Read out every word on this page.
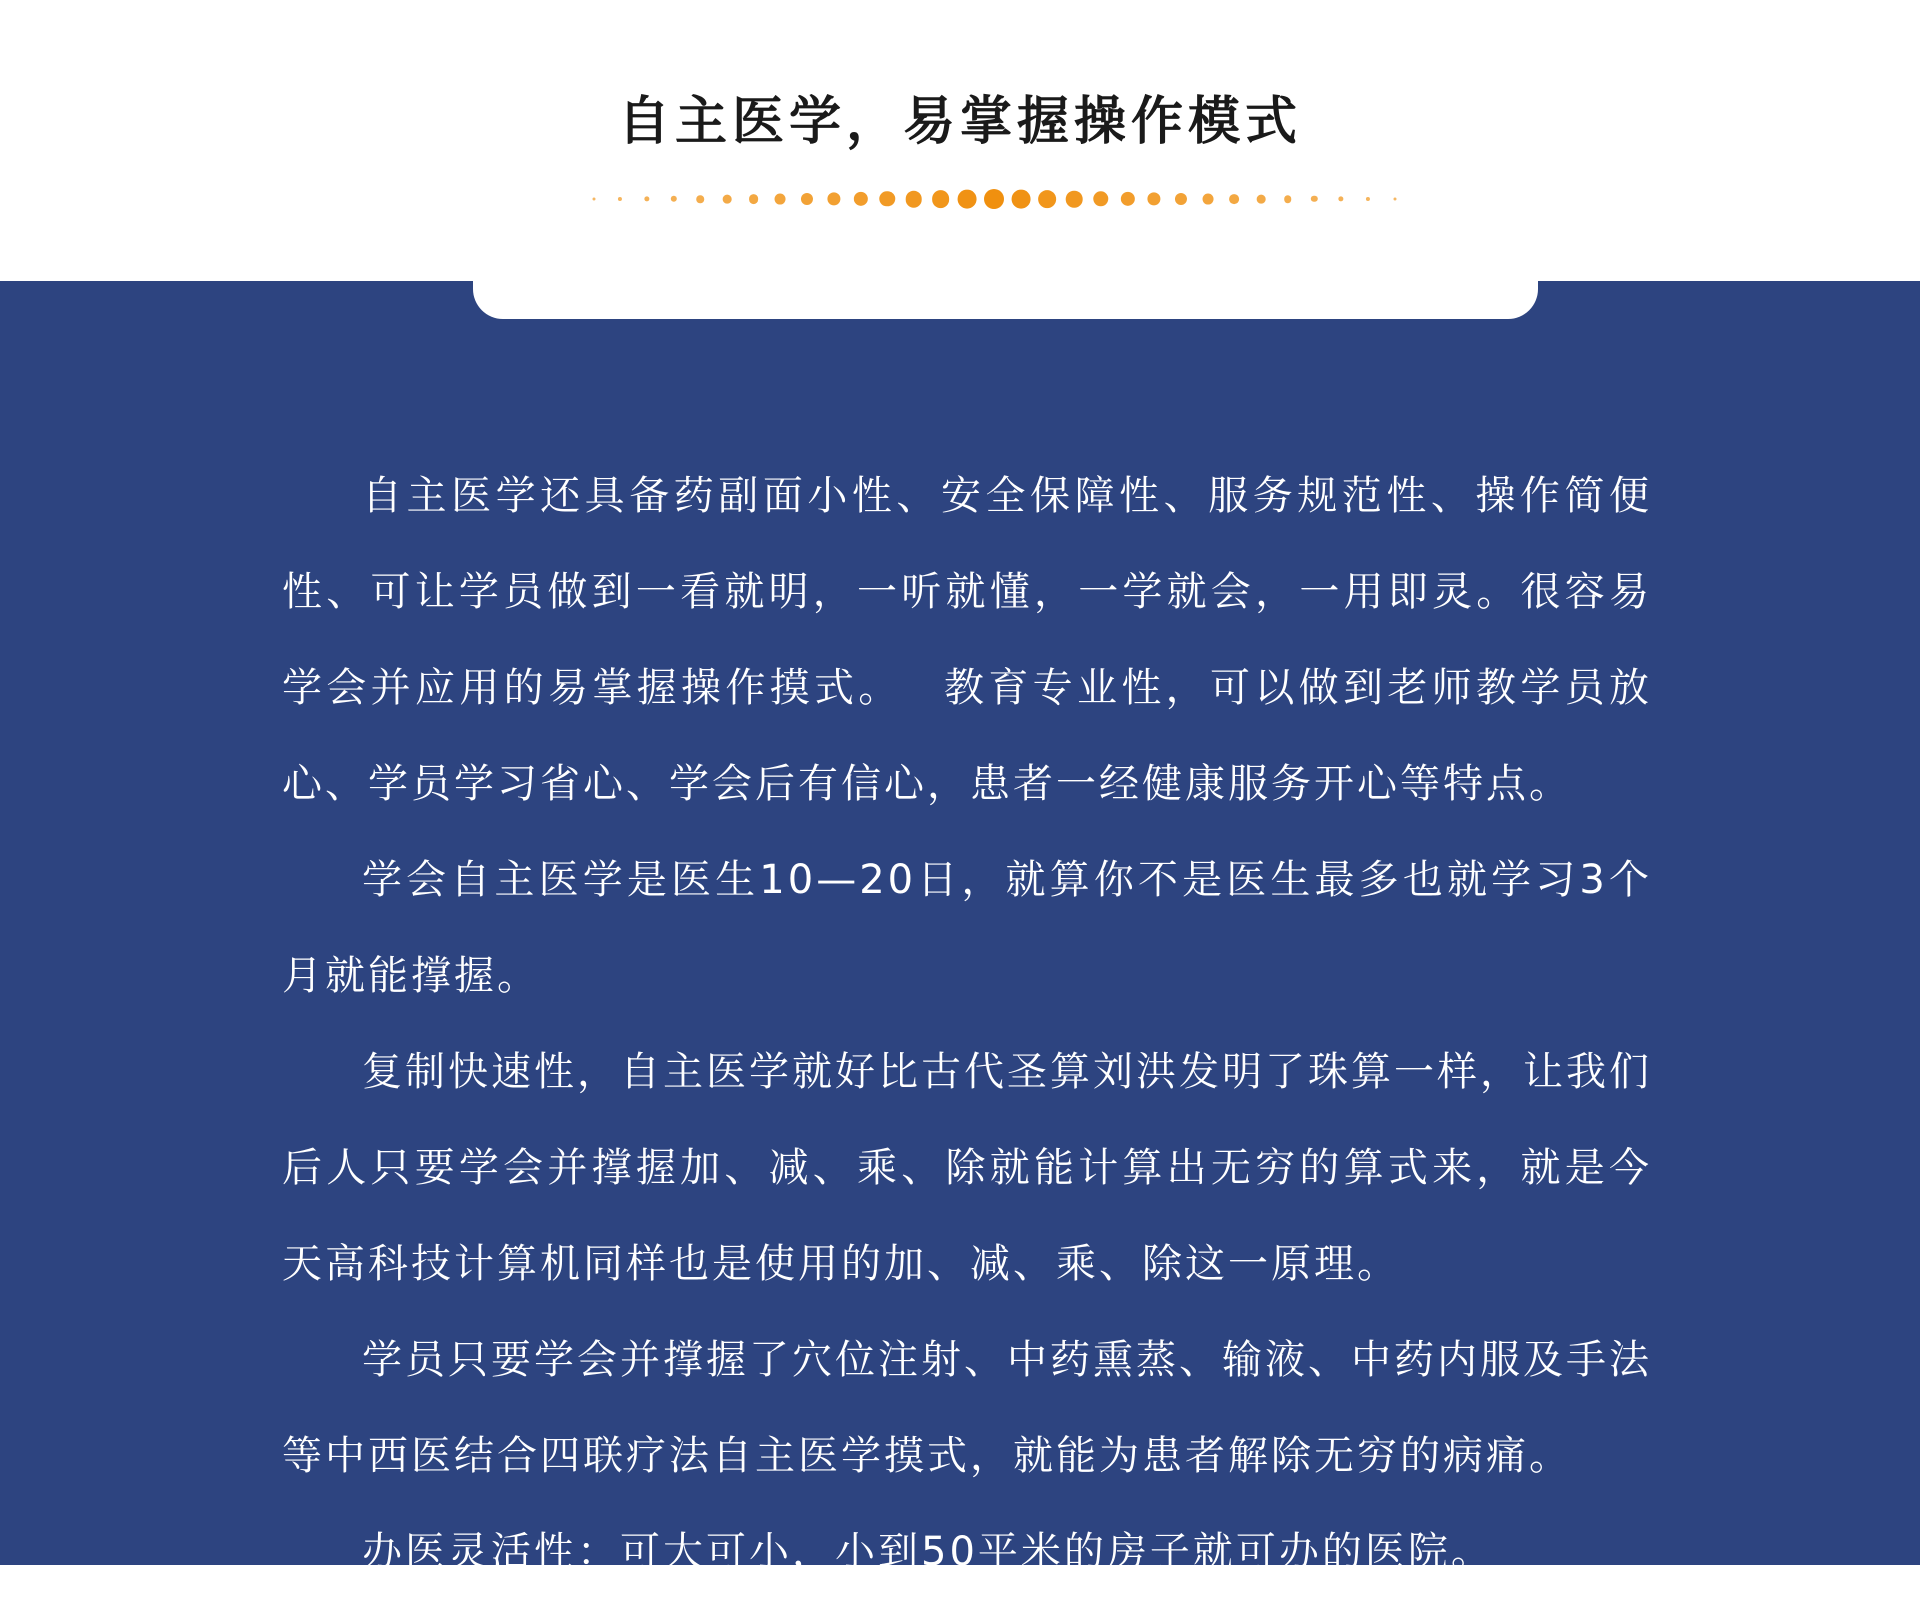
自主医学，易掌握操作模式

自主医学还具备药副面小性、安全保障性、服务规范性、操作简便性、可让学员做到一看就明，一听就懂，一学就会，一用即灵。很容易学会并应用的易掌握操作摸式。　 教育专业性，可以做到老师教学员放心、学员学习省心、学会后有信心，患者一经健康服务开心等特点。

学会自主医学是医生10—20日，就算你不是医生最多也就学习3个月就能撑握。

复制快速性，自主医学就好比古代圣算刘洪发明了珠算一样，让我们后人只要学会并撑握加、减、乘、除就能计算出无穷的算式来，就是今天高科技计算机同样也是使用的加、减、乘、除这一原理。

学员只要学会并撑握了穴位注射、中药熏蒸、输液、中药内服及手法等中西医结合四联疗法自主医学摸式，就能为患者解除无穷的病痛。

办医灵活性：可大可小，小到50平米的房子就可办的医院。
